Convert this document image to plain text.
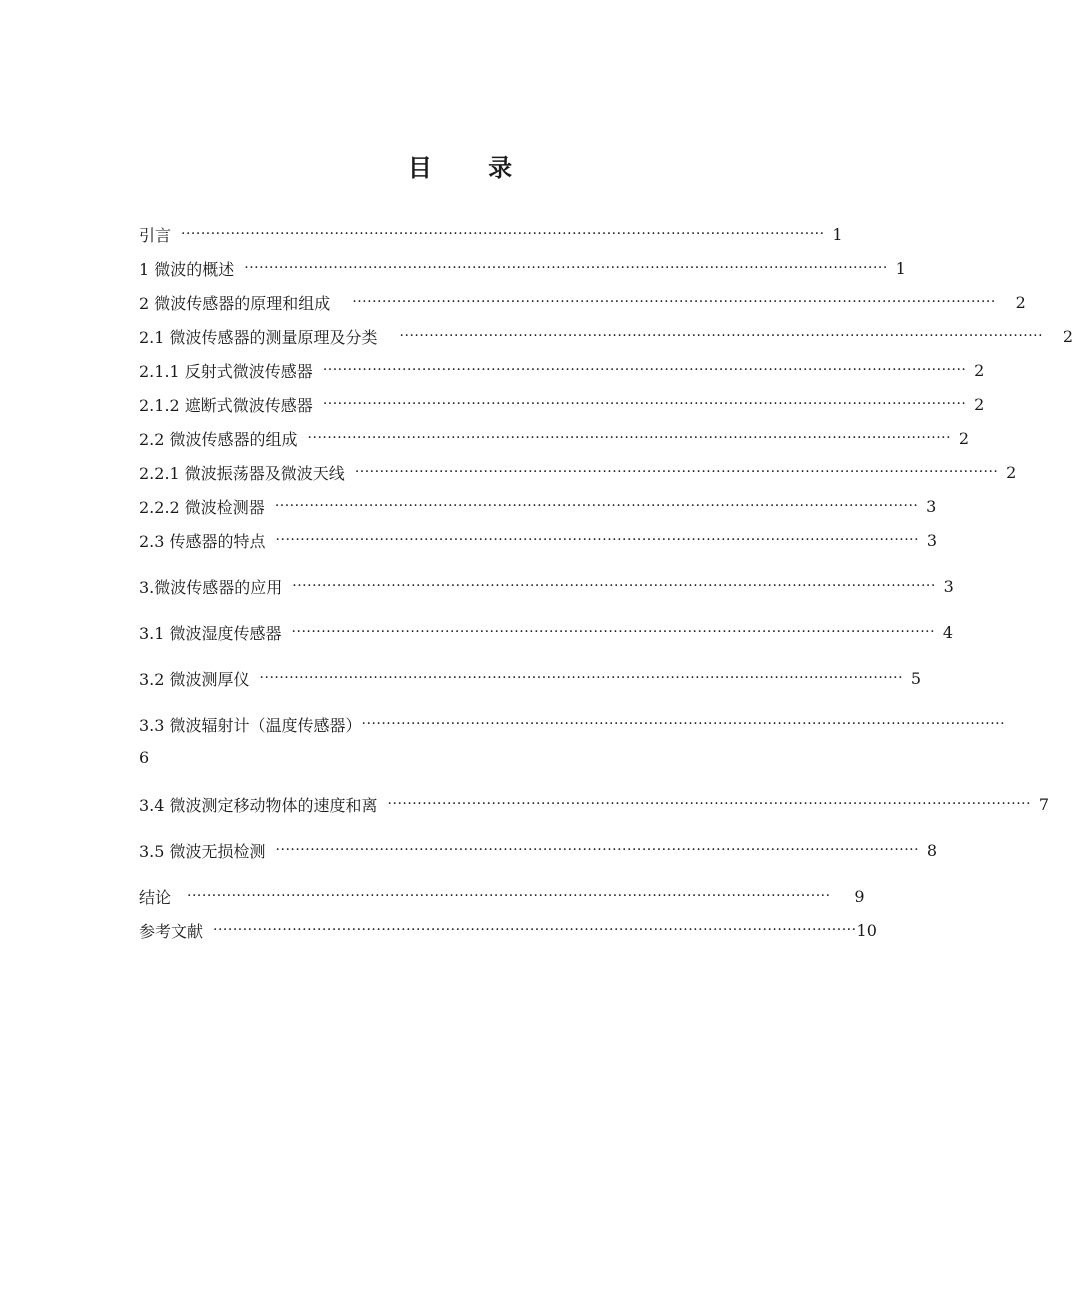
目 录
引言 ·································································································································· 1
1 微波的概述 ·································································································································· 1
2 微波传感器的原理和组成 ·································································································································· 2
2.1 微波传感器的测量原理及分类 ·································································································································· 2
2.1.1 反射式微波传感器 ·································································································································· 2
2.1.2 遮断式微波传感器 ·································································································································· 2
2.2 微波传感器的组成 ·································································································································· 2
2.2.1 微波振荡器及微波天线 ·································································································································· 2
2.2.2 微波检测器 ·································································································································· 3
2.3 传感器的特点 ·································································································································· 3
3.微波传感器的应用 ·································································································································· 3
3.1 微波湿度传感器 ·································································································································· 4
3.2 微波测厚仪 ·································································································································· 5
3.3 微波辐射计（温度传感器） ··································································································································
6
3.4 微波测定移动物体的速度和离 ·································································································································· 7
3.5 微波无损检测 ·································································································································· 8
结论 ·································································································································· 9
参考文献 ·································································································································· 10
